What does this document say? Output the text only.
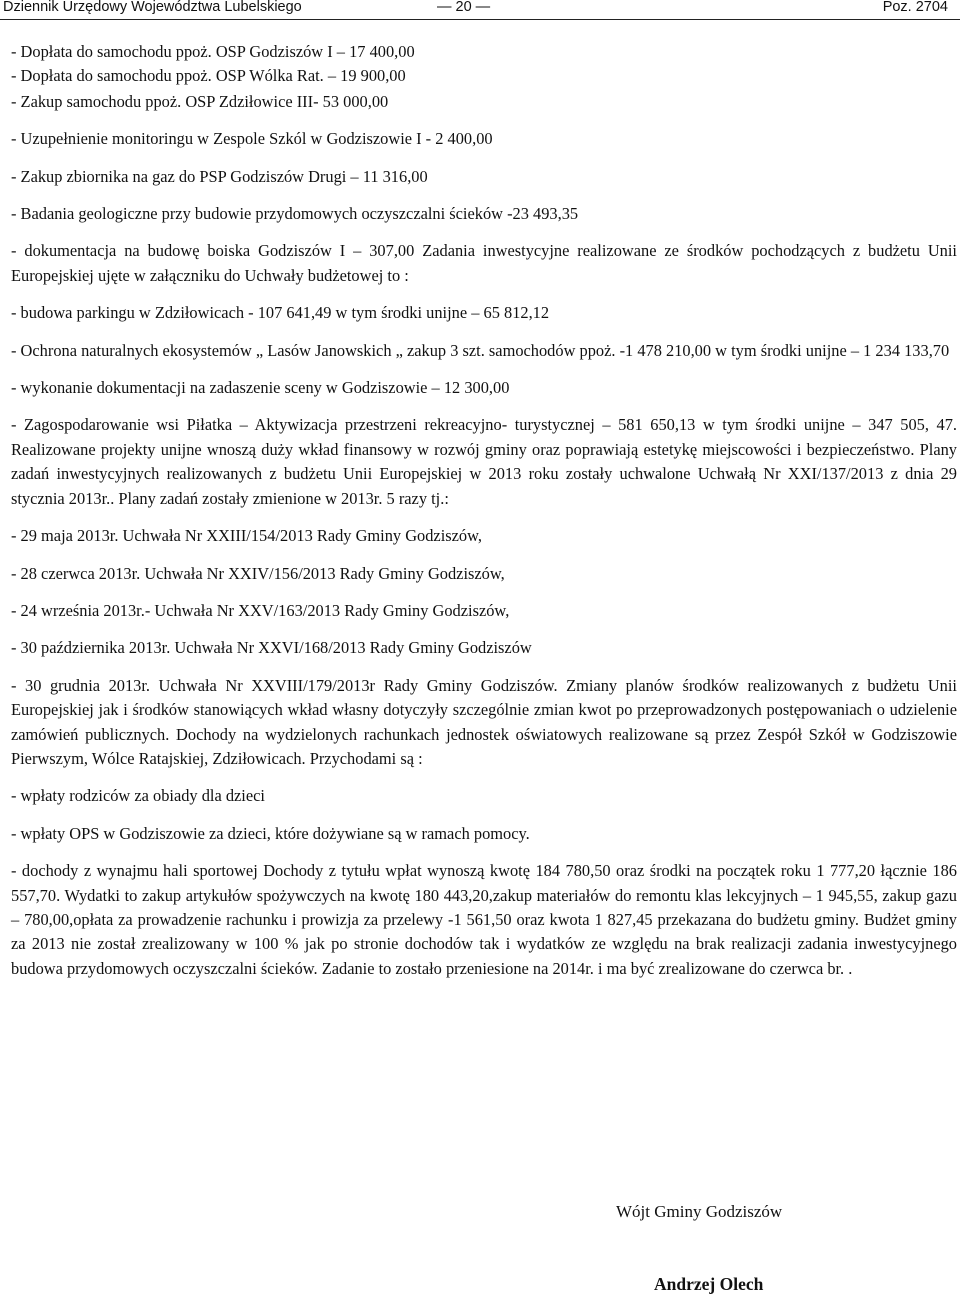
Dziennik Urzędowy Województwa Lubelskiego	— 20 —	Poz. 2704

- Dopłata do samochodu ppoż. OSP Godziszów I – 17 400,00

- Dopłata do samochodu ppoż. OSP Wólka Rat. – 19 900,00

- Zakup samochodu ppoż. OSP Zdziłowice III- 53 000,00

- Uzupełnienie monitoringu w Zespole Szkól w Godziszowie I - 2 400,00

- Zakup zbiornika na gaz do PSP Godziszów Drugi – 11 316,00

- Badania geologiczne przy budowie przydomowych oczyszczalni ścieków -23 493,35

- dokumentacja na budowę boiska Godziszów I – 307,00 Zadania inwestycyjne realizowane ze środków pochodzących z budżetu Unii Europejskiej ujęte w załączniku do Uchwały budżetowej to :

- budowa parkingu w Zdziłowicach - 107 641,49 w tym środki unijne – 65 812,12

- Ochrona naturalnych ekosystemów „ Lasów Janowskich „ zakup 3 szt. samochodów ppoż. -1 478 210,00 w tym środki unijne – 1 234 133,70

- wykonanie dokumentacji na zadaszenie sceny w Godziszowie – 12 300,00

- Zagospodarowanie wsi Piłatka – Aktywizacja przestrzeni rekreacyjno- turystycznej – 581 650,13 w tym środki unijne – 347 505, 47. Realizowane projekty unijne wnoszą duży wkład finansowy w rozwój gminy oraz poprawiają estetykę miejscowości i bezpieczeństwo. Plany zadań inwestycyjnych realizowanych z budżetu Unii Europejskiej w 2013 roku zostały uchwalone Uchwałą Nr XXI/137/2013 z dnia 29 stycznia 2013r.. Plany zadań zostały zmienione w 2013r. 5 razy tj.:

- 29 maja 2013r. Uchwała Nr XXIII/154/2013 Rady Gminy Godziszów,

- 28 czerwca 2013r. Uchwała Nr XXIV/156/2013 Rady Gminy Godziszów,

- 24 września 2013r.- Uchwała Nr XXV/163/2013 Rady Gminy Godziszów,

- 30 października 2013r. Uchwała Nr XXVI/168/2013 Rady Gminy Godziszów

- 30 grudnia 2013r. Uchwała Nr XXVIII/179/2013r Rady Gminy Godziszów. Zmiany planów środków realizowanych z budżetu Unii Europejskiej jak i środków stanowiących wkład własny dotyczyły szczególnie zmian kwot po przeprowadzonych postępowaniach o udzielenie zamówień publicznych. Dochody na wydzielonych rachunkach jednostek oświatowych realizowane są przez Zespół Szkół w Godziszowie Pierwszym, Wólce Ratajskiej, Zdziłowicach. Przychodami są :

- wpłaty rodziców za obiady dla dzieci

- wpłaty OPS w Godziszowie za dzieci, które dożywiane są w ramach pomocy.

- dochody z wynajmu hali sportowej Dochody z tytułu wpłat wynoszą kwotę 184 780,50 oraz środki na początek roku 1 777,20 łącznie 186 557,70. Wydatki to zakup artykułów spożywczych na kwotę 180 443,20,zakup materiałów do remontu klas lekcyjnych – 1 945,55, zakup gazu – 780,00,opłata za prowadzenie rachunku i prowizja za przelewy -1 561,50 oraz kwota 1 827,45 przekazana do budżetu gminy. Budżet gminy za 2013 nie został zrealizowany w 100 % jak po stronie dochodów tak i wydatków ze względu na brak realizacji zadania inwestycyjnego budowa przydomowych oczyszczalni ścieków. Zadanie to zostało przeniesione na 2014r. i ma być zrealizowane do czerwca br. .

Wójt Gminy Godziszów
Andrzej Olech
